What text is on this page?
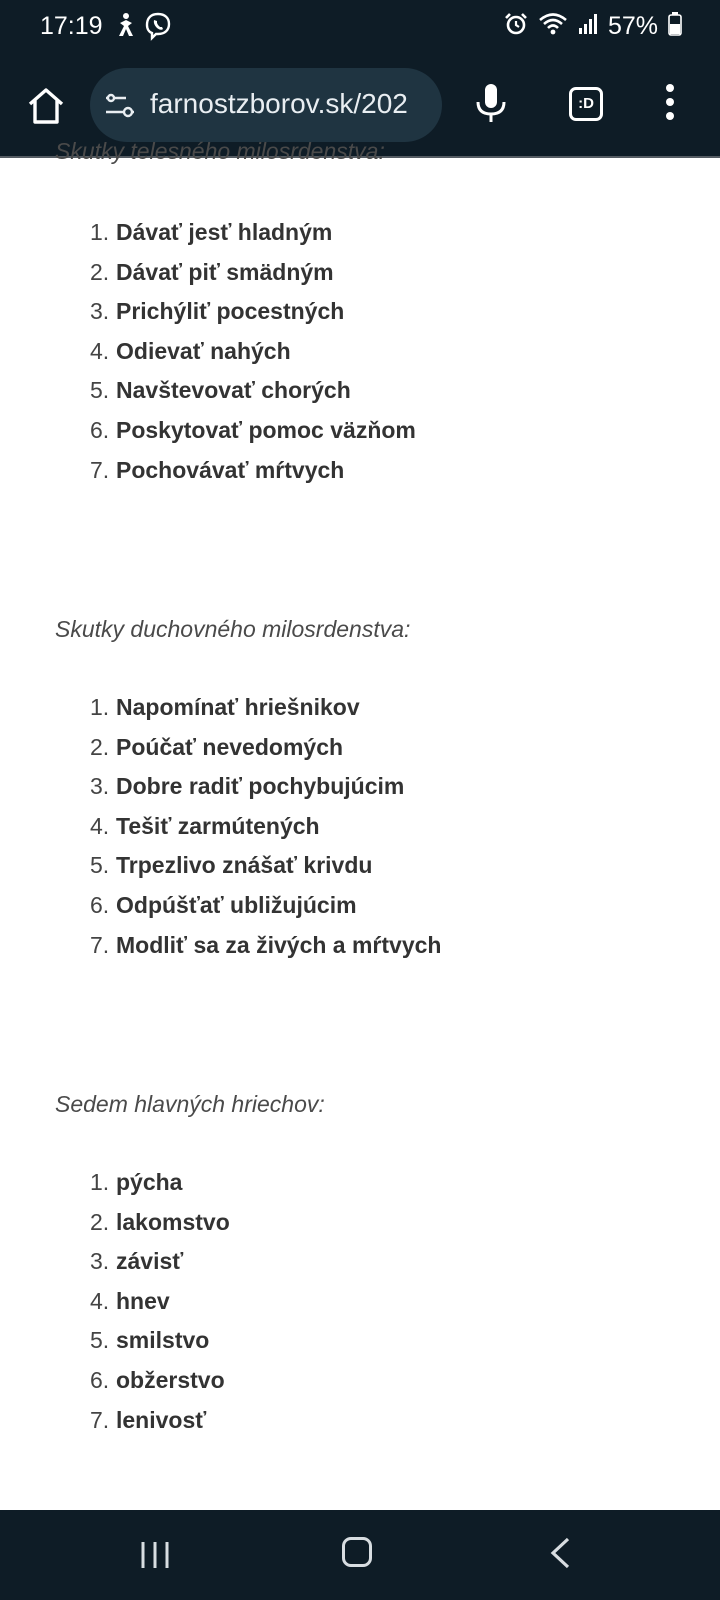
17:19	57%
farnostzborov.sk/202	:D
Skutky telesného milosrdenstva:
1. Dávať jesť hladným
2. Dávať piť smädným
3. Prichýliť pocestných
4. Odievať nahých
5. Navštevovať chorých
6. Poskytovať pomoc väzňom
7. Pochovávať mŕtvych
Skutky duchovného milosrdenstva:
1. Napomínať hriešnikov
2. Poúčať nevedomých
3. Dobre radiť pochybujúcim
4. Tešiť zarmútených
5. Trpezlivo znášať krivdu
6. Odpúšťať ubližujúcim
7. Modliť sa za živých a mŕtvych
Sedem hlavných hriechov:
1. pýcha
2. lakomstvo
3. závisť
4. hnev
5. smilstvo
6. obžerstvo
7. lenivosť
